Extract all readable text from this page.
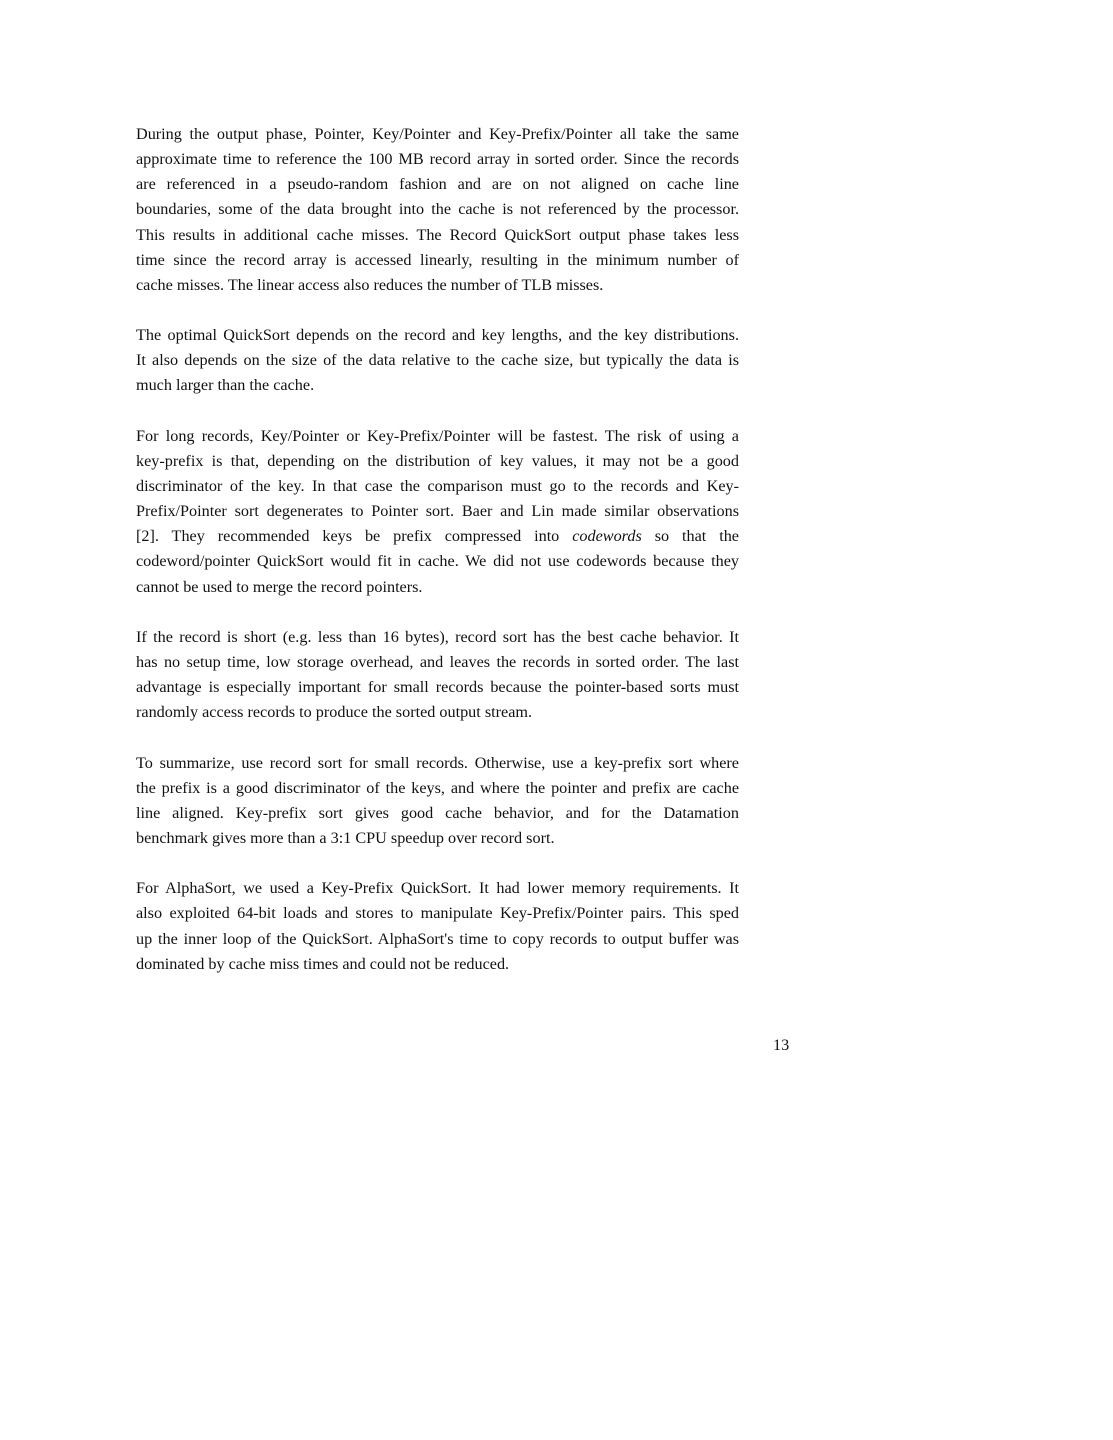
During the output phase, Pointer, Key/Pointer and Key-Prefix/Pointer all take the same
approximate time to reference the 100 MB record array in sorted order. Since the records
are referenced in a pseudo-random fashion and are on not aligned on cache line
boundaries, some of the data brought into the cache is not referenced by the processor.
This results in additional cache misses. The Record QuickSort output phase takes less
time since the record array is accessed linearly, resulting in the minimum number of
cache misses. The linear access also reduces the number of TLB misses.
The optimal QuickSort depends on the record and key lengths, and the key distributions.
It also depends on the size of the data relative to the cache size, but typically the data is
much larger than the cache.
For long records, Key/Pointer or Key-Prefix/Pointer will be fastest. The risk of using a
key-prefix is that, depending on the distribution of key values, it may not be a good
discriminator of the key. In that case the comparison must go to the records and Key-
Prefix/Pointer sort degenerates to Pointer sort. Baer and Lin made similar observations
[2]. They recommended keys be prefix compressed into codewords so that the
codeword/pointer QuickSort would fit in cache. We did not use codewords because they
cannot be used to merge the record pointers.
If the record is short (e.g. less than 16 bytes), record sort has the best cache behavior. It
has no setup time, low storage overhead, and leaves the records in sorted order. The last
advantage is especially important for small records because the pointer-based sorts must
randomly access records to produce the sorted output stream.
To summarize, use record sort for small records. Otherwise, use a key-prefix sort where
the prefix is a good discriminator of the keys, and where the pointer and prefix are cache
line aligned. Key-prefix sort gives good cache behavior, and for the Datamation
benchmark gives more than a 3:1 CPU speedup over record sort.
For AlphaSort, we used a Key-Prefix QuickSort. It had lower memory requirements. It
also exploited 64-bit loads and stores to manipulate Key-Prefix/Pointer pairs. This sped
up the inner loop of the QuickSort. AlphaSort's time to copy records to output buffer was
dominated by cache miss times and could not be reduced.
13
